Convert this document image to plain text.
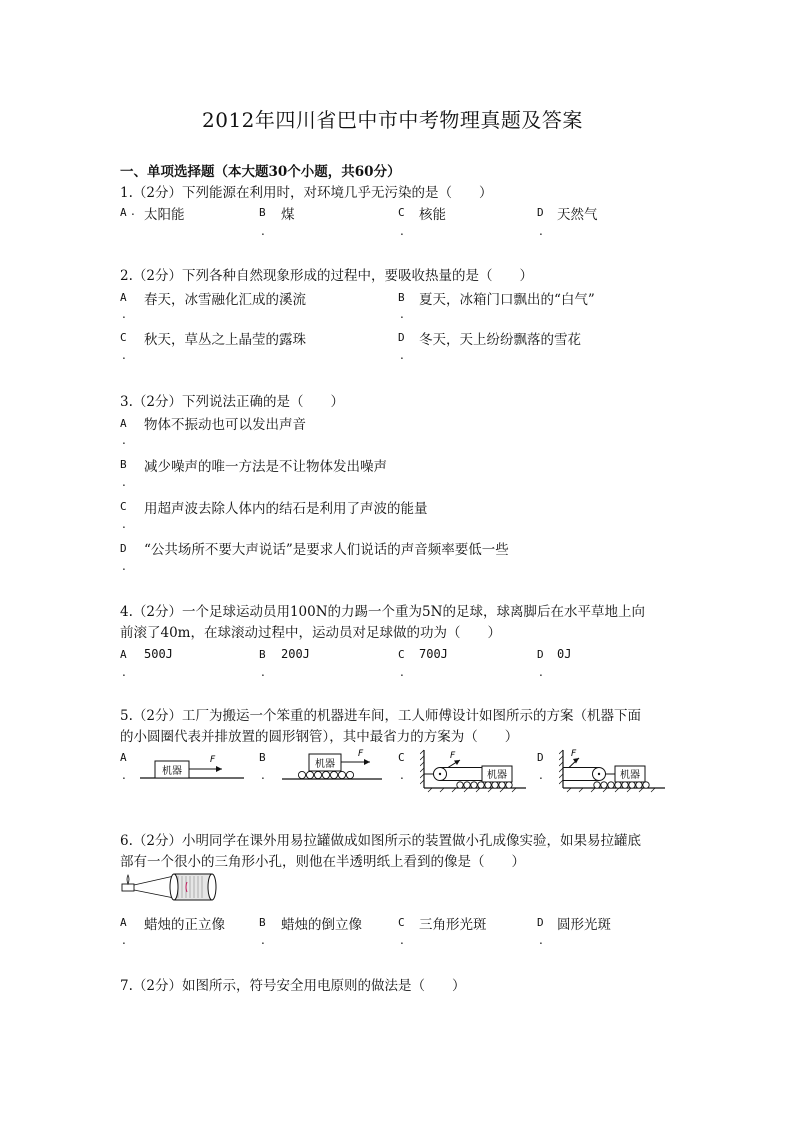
2012年四川省巴中市中考物理真题及答案
一、单项选择题（本大题30个小题，共60分）
1.（2分）下列能源在利用时，对环境几乎无污染的是（　　）
A . 太阳能	B
.
煤	C
.
核能	D
.
天然气
2.（2分）下列各种自然现象形成的过程中，要吸收热量的是（　　）
A
.
春天，冰雪融化汇成的溪流	B
.
夏天，冰箱门口飘出的“白气”
C
.
秋天，草丛之上晶莹的露珠	D
.
冬天，天上纷纷飘落的雪花
3.（2分）下列说法正确的是（　　）
A
.
物体不振动也可以发出声音
B
.
减少噪声的唯一方法是不让物体发出噪声
C
.
用超声波去除人体内的结石是利用了声波的能量
D
.
“公共场所不要大声说话”是要求人们说话的声音频率要低一些
4.（2分）一个足球运动员用100N的力踢一个重为5N的足球，球离脚后在水平草地上向
前滚了40m，在球滚动过程中，运动员对足球做的功为（　　）
A
.
500J	B
.
200J	C
.
700J	D
.
0J
5.（2分）工厂为搬运一个笨重的机器进车间，工人师傅设计如图所示的方案（机器下面
的小圆圈代表并排放置的圆形钢管），其中最省力的方案为（　　）
A
.
B
.
C
.
D
.
机器
F	机器
F	F
机器
F
机器
6.（2分）小明同学在课外用易拉罐做成如图所示的装置做小孔成像实验，如果易拉罐底
部有一个很小的三角形小孔，则他在半透明纸上看到的像是（　　）
A
.
蜡烛的正立像	B
.
蜡烛的倒立像	C
.
三角形光斑	D
.
圆形光斑
7.（2分）如图所示，符号安全用电原则的做法是（　　）
